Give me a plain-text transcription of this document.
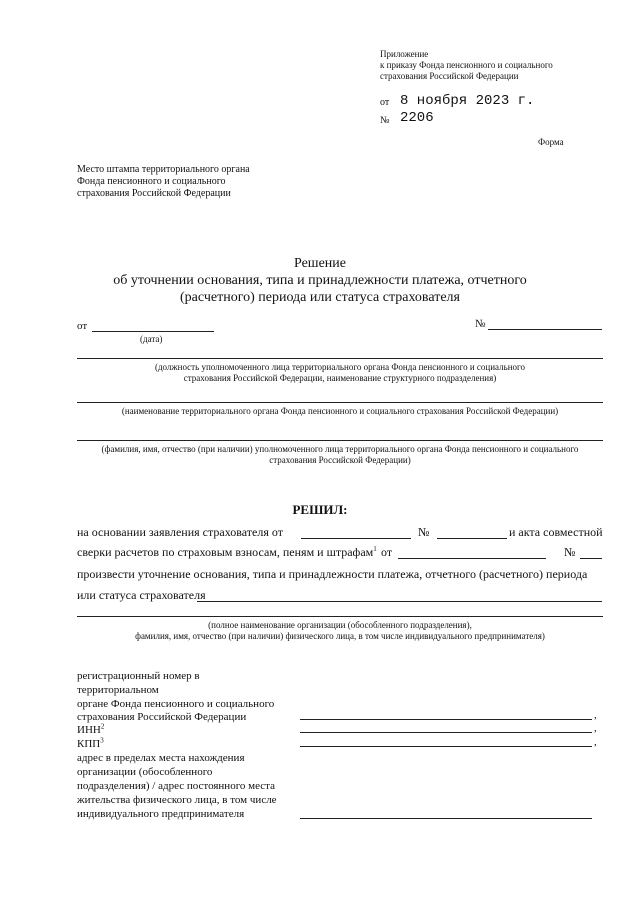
Приложение
к приказу Фонда пенсионного и социального
страхования Российской Федерации
от 8 ноября 2023 г.
№ 2206
Форма
Место штампа территориального органа
Фонда пенсионного и социального
страхования Российской Федерации
Решение
об уточнении основания, типа и принадлежности платежа, отчетного
(расчетного) периода или статуса страхователя
от
(дата)
№
(должность уполномоченного лица территориального органа Фонда пенсионного и социального
страхования Российской Федерации, наименование структурного подразделения)
(наименование территориального органа Фонда пенсионного и социального страхования Российской Федерации)
(фамилия, имя, отчество (при наличии) уполномоченного лица территориального органа Фонда пенсионного и социального
страхования Российской Федерации)
РЕШИЛ:
на основании заявления страхователя от	№	и акта совместной
сверки расчетов по страховым взносам, пеням и штрафам$^1$ от	№
произвести уточнение основания, типа и принадлежности платежа, отчетного (расчетного) периода
или статуса страхователя
(полное наименование организации (обособленного подразделения),
фамилия, имя, отчество (при наличии) физического лица, в том числе индивидуального предпринимателя)
регистрационный номер в
территориальном
органе Фонда пенсионного и социального
страхования Российской Федерации	,
ИНН$^2$	,
КПП$^3$	,
адрес в пределах места нахождения
организации (обособленного
подразделения) / адрес постоянного места
жительства физического лица, в том числе
индивидуального предпринимателя
